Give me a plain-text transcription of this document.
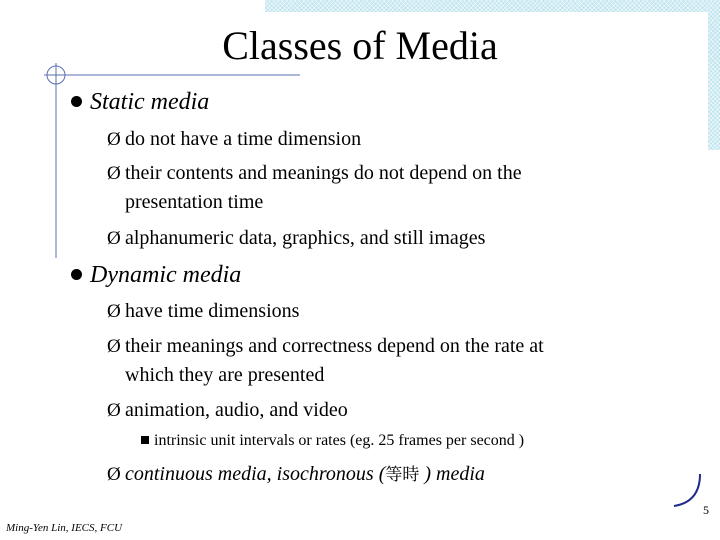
Classes of Media
Static media
Ø do not have a time dimension
Ø their contents and meanings do not depend on the
presentation time
Ø alphanumeric data, graphics, and still images
Dynamic media
Ø have time dimensions
Ø their meanings and correctness depend on the rate at
which they are presented
Ø animation, audio, and video
intrinsic unit intervals or rates (eg. 25 frames per second )
Ø continuous media, isochronous (等時 ) media
5
Ming-Yen Lin, IECS, FCU
